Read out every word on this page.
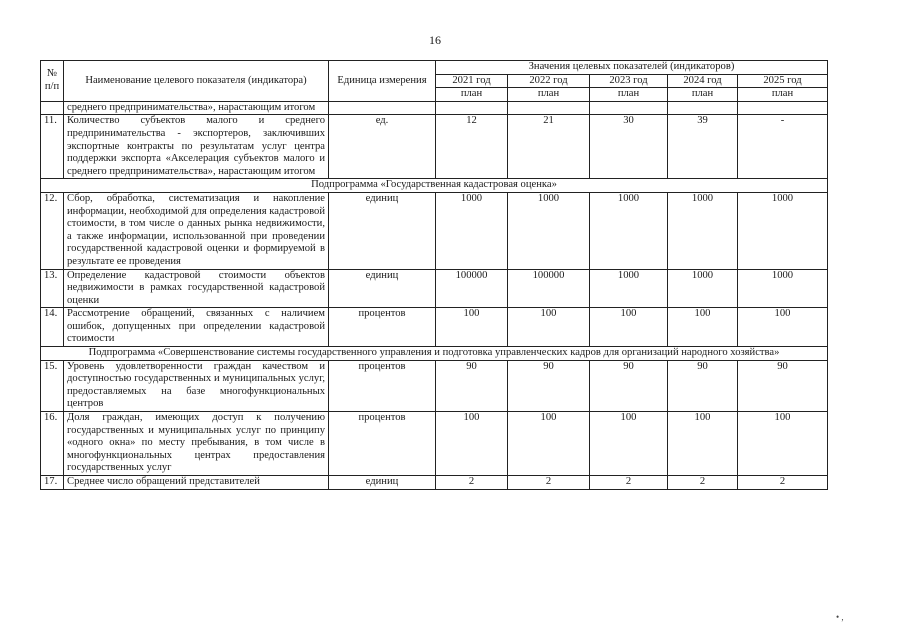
16
№ п/п	Наименование целевого показателя (индикатора)	Единица измерения	Значения целевых показателей (индикаторов)				
			2021 год	2022 год	2023 год	2024 год	2025 год
			план	план	план	план	план
	среднего предпринимательства», нарастающим итогом						
11.	Количество субъектов малого и среднего предпринимательства - экспортеров, заключивших экспортные контракты по результатам услуг центра поддержки экспорта «Акселерация субъектов малого и среднего предпринимательства», нарастающим итогом	ед.	12	21	30	39	-
Подпрограмма «Государственная кадастровая оценка»							
12.	Сбор, обработка, систематизация и накопление информации, необходимой для определения кадастровой стоимости, в том числе о данных рынка недвижимости, а также информации, использованной при проведении государственной кадастровой оценки и формируемой в результате ее проведения	единиц	1000	1000	1000	1000	1000
13.	Определение кадастровой стоимости объектов недвижимости в рамках государственной кадастровой оценки	единиц	100000	100000	1000	1000	1000
14.	Рассмотрение обращений, связанных с наличием ошибок, допущенных при определении кадастровой стоимости	процентов	100	100	100	100	100
Подпрограмма «Совершенствование системы государственного управления и подготовка управленческих кадров для организаций народного хозяйства»							
15.	Уровень удовлетворенности граждан качеством и доступностью государственных и муниципальных услуг, предоставляемых на базе многофункциональных центров	процентов	90	90	90	90	90
16.	Доля граждан, имеющих доступ к получению государственных и муниципальных услуг по принципу «одного окна» по месту пребывания, в том числе в многофункциональных центрах предоставления государственных услуг	процентов	100	100	100	100	100
17.	Среднее число обращений представителей	единиц	2	2	2	2	2
• ,
